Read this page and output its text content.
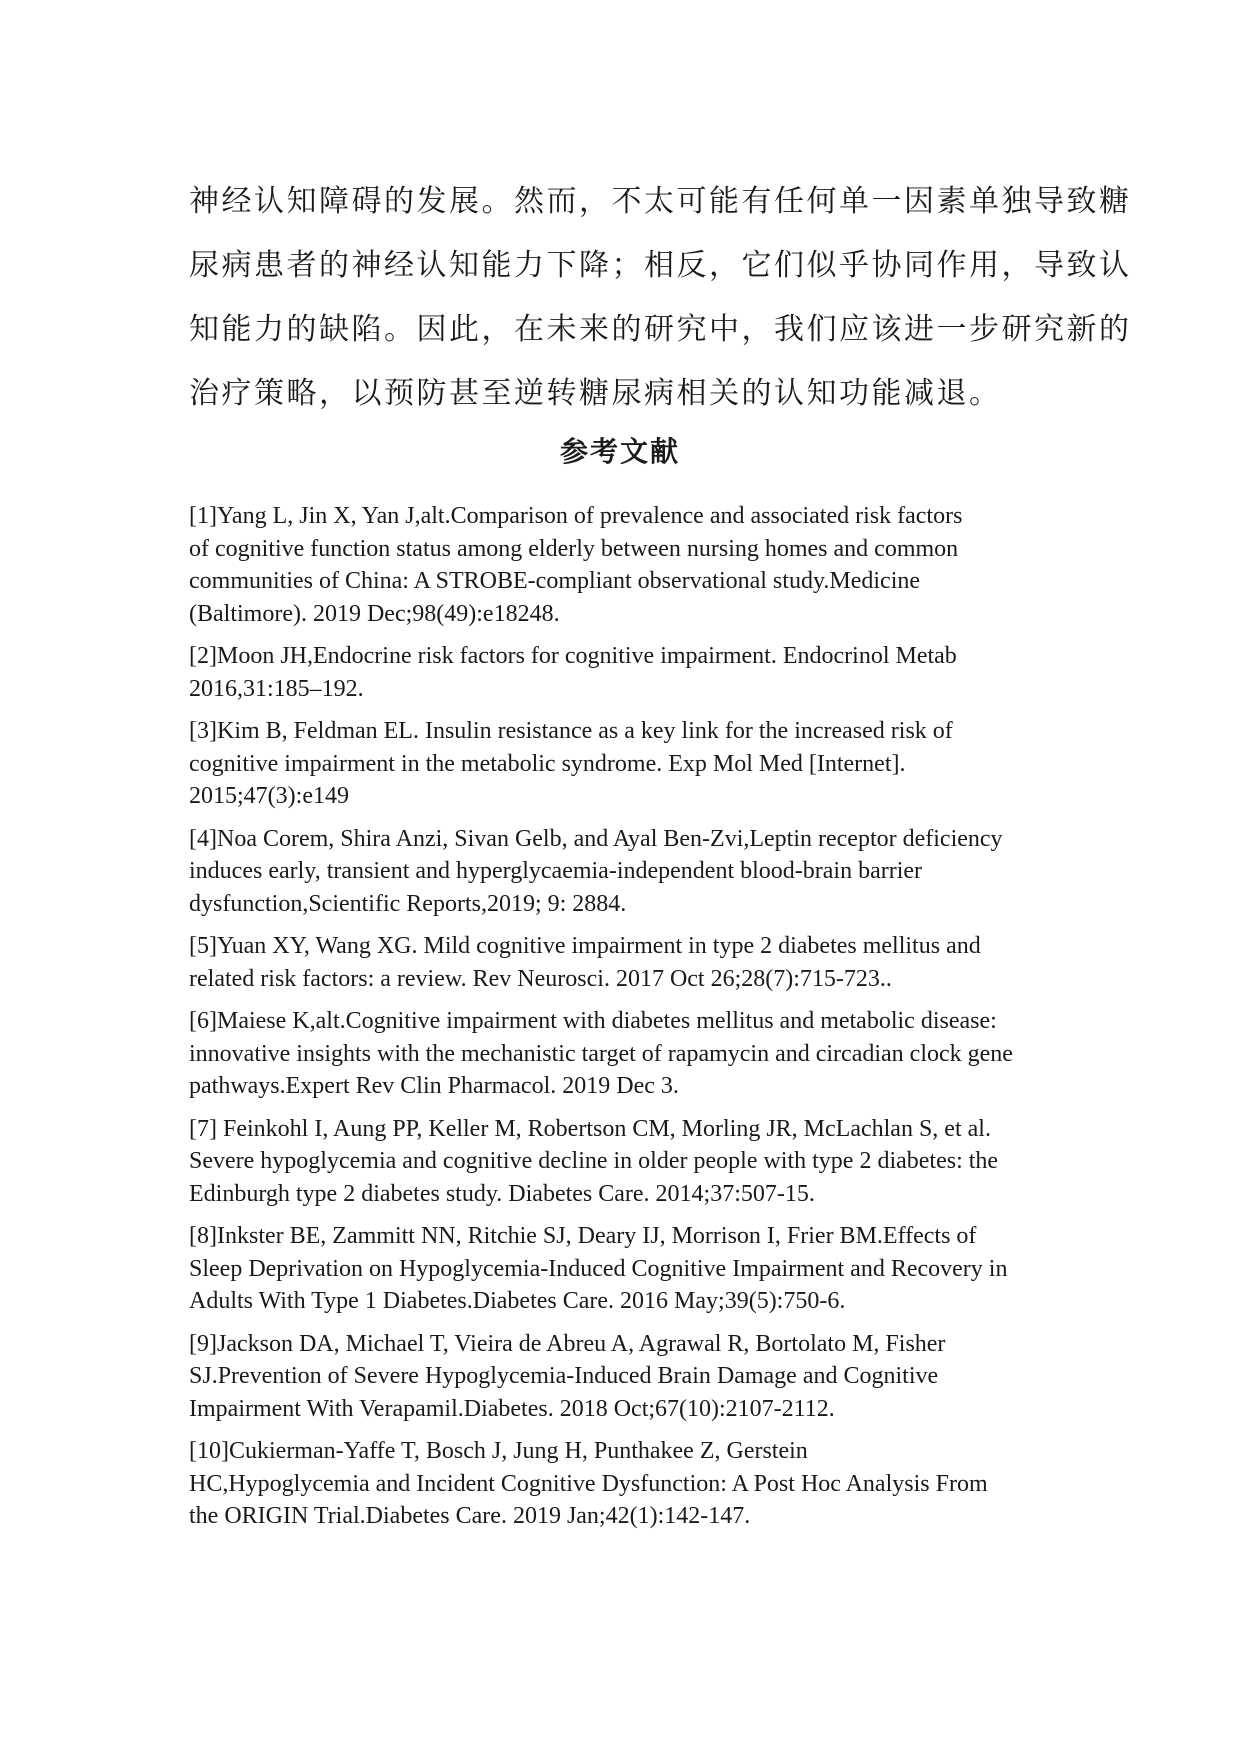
神经认知障碍的发展。然而，不太可能有任何单一因素单独导致糖
尿病患者的神经认知能力下降；相反，它们似乎协同作用，导致认
知能力的缺陷。因此，在未来的研究中，我们应该进一步研究新的
治疗策略，以预防甚至逆转糖尿病相关的认知功能减退。

参考文献
[1]Yang L, Jin X, Yan J,alt.Comparison of prevalence and associated risk factors
of cognitive function status among elderly between nursing homes and common
communities of China: A STROBE-compliant observational study.Medicine
(Baltimore). 2019 Dec;98(49):e18248.
[2]Moon JH,Endocrine risk factors for cognitive impairment. Endocrinol Metab
2016,31:185–192.
[3]Kim B, Feldman EL. Insulin resistance as a key link for the increased risk of
cognitive impairment in the metabolic syndrome. Exp Mol Med [Internet].
2015;47(3):e149
[4]Noa Corem, Shira Anzi, Sivan Gelb, and Ayal Ben-Zvi,Leptin receptor deficiency
induces early, transient and hyperglycaemia-independent blood-brain barrier
dysfunction,Scientific Reports,2019; 9: 2884.
[5]Yuan XY, Wang XG. Mild cognitive impairment in type 2 diabetes mellitus and
related risk factors: a review. Rev Neurosci. 2017 Oct 26;28(7):715-723..
[6]Maiese K,alt.Cognitive impairment with diabetes mellitus and metabolic disease:
innovative insights with the mechanistic target of rapamycin and circadian clock gene
pathways.Expert Rev Clin Pharmacol. 2019 Dec 3.
[7] Feinkohl I, Aung PP, Keller M, Robertson CM, Morling JR, McLachlan S, et al.
Severe hypoglycemia and cognitive decline in older people with type 2 diabetes: the
Edinburgh type 2 diabetes study. Diabetes Care. 2014;37:507-15.
[8]Inkster BE, Zammitt NN, Ritchie SJ, Deary IJ, Morrison I, Frier BM.Effects of
Sleep Deprivation on Hypoglycemia-Induced Cognitive Impairment and Recovery in
Adults With Type 1 Diabetes.Diabetes Care. 2016 May;39(5):750-6.
[9]Jackson DA, Michael T, Vieira de Abreu A, Agrawal R, Bortolato M, Fisher
SJ.Prevention of Severe Hypoglycemia-Induced Brain Damage and Cognitive
Impairment With Verapamil.Diabetes. 2018 Oct;67(10):2107-2112.
[10]Cukierman-Yaffe T, Bosch J, Jung H, Punthakee Z, Gerstein
HC,Hypoglycemia and Incident Cognitive Dysfunction: A Post Hoc Analysis From
the ORIGIN Trial.Diabetes Care. 2019 Jan;42(1):142-147.
